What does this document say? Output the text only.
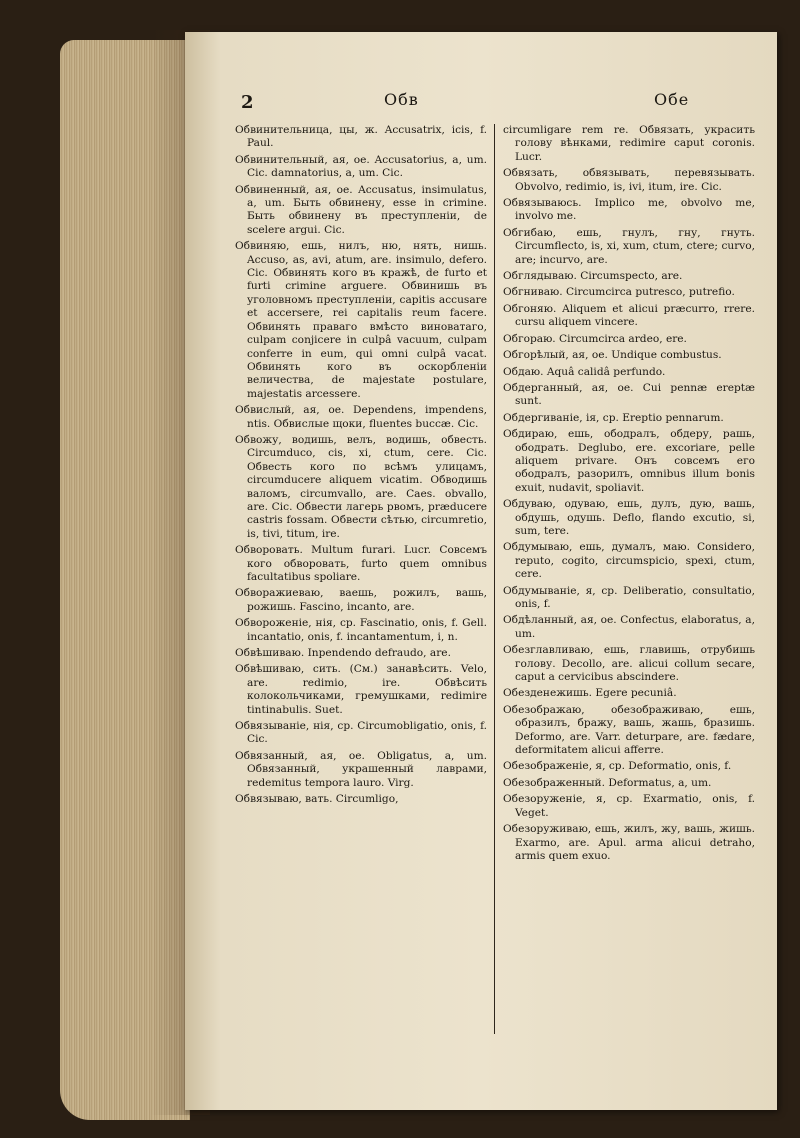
2	Обв	Обе

Обвинительница, цы, ж. Accusatrix, icis, f. Paul.

Обвинительный, ая, ое. Accusatorius, a, um. Cic. damnatorius, a, um. Cic.

Обвиненный, ая, ое. Accusatus, insimulatus, a, um. Быть обвинену, esse in crimine. Быть обвинену въ преступленіи, de scelere argui. Cic.

Обвиняю, ешь, нилъ, ню, нять, нишь. Accuso, as, avi, atum, are. insimulo, defero. Cic. Обвинять кого въ кражѣ, de furto et furti crimine arguere. Обвинишь въ уголовномъ преступленіи, capitis accusare et accersere, rei capitalis reum facere. Обвинять праваго вмѣсто виноватаго, culpam conjicere in culpâ vacuum, culpam conferre in eum, qui omni culpâ vacat. Обвинять кого въ оскорбленіи величества, de majestate postulare, majestatis arcessere.

Обвислый, ая, ое. Dependens, impendens, ntis. Обвислые щоки, fluentes buccæ. Cic.

Обвожу, водишь, велъ, водишь, обвесть. Circumduco, cis, xi, ctum, cere. Cic. Обвесть кого по всѣмъ улицамъ, circumducere aliquem vicatim. Обводишь валомъ, circumvallo, are. Caes. obvallo, are. Cic. Обвести лагерь рвомъ, prӕducere castris fossam. Обвести сѣтью, circumretio, is, tivi, titum, ire.

Обворовать. Multum furari. Lucr. Совсемъ кого обворовать, furto quem omnibus facultatibus spoliare.

Обворажиеваю, ваешь, рожилъ, вашь, рожишь. Fascino, incanto, are.

Обвороженіе, нія, ср. Fascinatio, onis, f. Gell. incantatio, onis, f. incantamentum, i, n.

Обвѣшиваю. Inpendendo defraudo, are.

Обвѣшиваю, сить. (См.) занавѣсить. Velo, are. redimio, ire. Обвѣсить колокольчиками, гремушками, redimire tintinabulis. Suet.

Обвязываніе, нія, ср. Circumobligatio, onis, f. Cic.

Обвязанный, ая, ое. Obligatus, a, um. Обвязанный, украшенный лаврами, redemitus tempora lauro. Virg.

Обвязываю, вать. Circumligo,

circumligare rem re. Обвязать, украсить голову вѣнками, redimire caput coronis. Lucr.

Обвязать, обвязывать, перевязывать. Obvolvo, redimio, is, ivi, itum, ire. Cic.

Обвязываюсь. Implico me, obvolvo me, involvo me.

Обгибаю, ешь, гнулъ, гну, гнуть. Circumflecto, is, xi, xum, ctum, ctere; curvo, are; incurvo, are.

Обглядываю. Circumspecto, are.

Обгниваю. Circumcirca putresco, putrefio.

Обгоняю. Aliquem et alicui prӕcurro, rrere. cursu aliquem vincere.

Обгораю. Circumcirca ardeo, ere.

Обгорѣлый, ая, ое. Undique combustus.

Обдаю. Aquâ calidâ perfundo.

Обдерганный, ая, ое. Cui pennӕ ereptӕ sunt.

Обдергиваніе, ія, ср. Ereptio pennarum.

Обдираю, ешь, ободралъ, обдеру, рашь, ободрать. Deglubo, ere. excoriare, pelle aliquem privare. Онъ совсемъ его ободралъ, разорилъ, omnibus illum bonis exuit, nudavit, spoliavit.

Обдуваю, одуваю, ешь, дулъ, дую, вашь, обдушь, одушь. Deflo, flando excutio, si, sum, tere.

Обдумываю, ешь, думалъ, маю. Considero, reputo, cogito, circumspicio, spexi, ctum, cere.

Обдумываніе, я, ср. Deliberatio, consultatio, onis, f.

Обдѣланный, ая, ое. Confectus, elaboratus, a, um.

Обезглавливаю, ешь, главишь, отрубишь голову. Decollo, are. alicui collum secare, caput a cervicibus abscindere.

Обезденежишь. Egere pecuniâ.

Обезображаю, обезображиваю, ешь, образилъ, бражу, вашь, жашь, бразишь. Deformo, are. Varr. deturpare, are. fӕdare, deformitatem alicui afferre.

Обезображеніе, я, ср. Deformatio, onis, f.

Обезображенный. Deformatus, a, um.

Обезоруженіе, я, ср. Exarmatio, onis, f. Veget.

Обезоруживаю, ешь, жилъ, жу, вашь, жишь. Exarmo, are. Apul. arma alicui detraho, armis quem exuo.
